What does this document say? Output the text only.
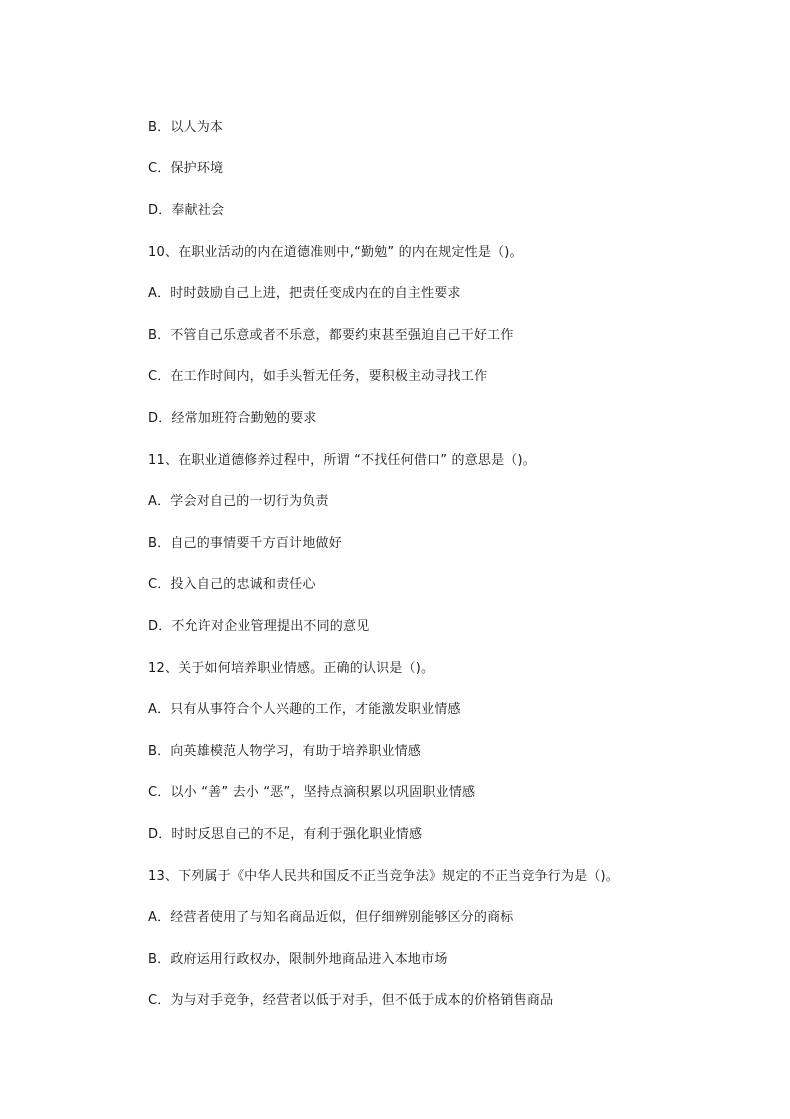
B．以人为本
C．保护环境
D．奉献社会
10、在职业活动的内在道德准则中,“勤勉” 的内在规定性是（)。
A．时时鼓励自己上进，把责任变成内在的自主性要求
B．不管自己乐意或者不乐意，都要约束甚至强迫自己干好工作
C．在工作时间内，如手头暂无任务，要积极主动寻找工作
D．经常加班符合勤勉的要求
11、在职业道德修养过程中，所谓 “不找任何借口” 的意思是（)。
A．学会对自己的一切行为负责
B．自己的事情要千方百计地做好
C．投入自己的忠诚和责任心
D．不允许对企业管理提出不同的意见
12、关于如何培养职业情感。正确的认识是（)。
A．只有从事符合个人兴趣的工作，才能激发职业情感
B．向英雄模范人物学习，有助于培养职业情感
C．以小 “善” 去小 “恶”，坚持点滴积累以巩固职业情感
D．时时反思自己的不足，有利于强化职业情感
13、下列属于《中华人民共和国反不正当竞争法》规定的不正当竞争行为是（)。
A．经营者使用了与知名商品近似，但仔细辨别能够区分的商标
B．政府运用行政权办，限制外地商品进入本地市场
C．为与对手竞争，经营者以低于对手，但不低于成本的价格销售商品
